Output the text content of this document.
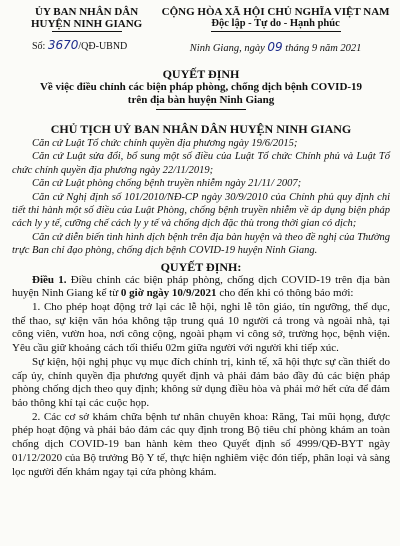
ỦY BAN NHÂN DÂN
HUYỆN NINH GIANG
Số: 3670/QĐ-UBND
CỘNG HÒA XÃ HỘI CHỦ NGHĨA VIỆT NAM
Độc lập - Tự do - Hạnh phúc
Ninh Giang, ngày 09 tháng 9 năm 2021
QUYẾT ĐỊNH
Về việc điều chỉnh các biện pháp phòng, chống dịch bệnh COVID-19
trên địa bàn huyện Ninh Giang
CHỦ TỊCH UỶ BAN NHÂN DÂN HUYỆN NINH GIANG

Căn cứ Luật Tổ chức chính quyền địa phương ngày 19/6/2015;

Căn cứ Luật sửa đổi, bổ sung một số điều của Luật Tổ chức Chính phủ và Luật Tổ chức chính quyền địa phương ngày 22/11/2019;

Căn cứ Luật phòng chống bệnh truyền nhiễm ngày 21/11/ 2007;

Căn cứ Nghị định số 101/2010/NĐ-CP ngày 30/9/2010 của Chính phủ quy định chi tiết thi hành một số điều của Luật Phòng, chống bệnh truyền nhiễm về áp dụng biện pháp cách ly y tế, cưỡng chế cách ly y tế và chống dịch đặc thù trong thời gian có dịch;

Căn cứ diễn biến tình hình dịch bệnh trên địa bàn huyện và theo đề nghị của Thường trực Ban chỉ đạo phòng, chống dịch bệnh COVID-19 huyện Ninh Giang.

QUYẾT ĐỊNH:

Điều 1. Điều chỉnh các biện pháp phòng, chống dịch COVID-19 trên địa bàn huyện Ninh Giang kể từ 0 giờ ngày 10/9/2021 cho đến khi có thông báo mới:

1. Cho phép hoạt động trở lại các lễ hội, nghi lễ tôn giáo, tín ngưỡng, thể dục, thể thao, sự kiện văn hóa không tập trung quá 10 người cả trong và ngoài nhà, tại công viên, vườn hoa, nơi công cộng, ngoài phạm vi công sở, trường học, bệnh viện. Yêu cầu giữ khoảng cách tối thiểu 02m giữa người với người khi tiếp xúc.

Sự kiện, hội nghị phục vụ mục đích chính trị, kinh tế, xã hội thực sự cần thiết do cấp ủy, chính quyền địa phương quyết định và phải đảm bảo đầy đủ các biện pháp phòng chống dịch theo quy định; không sử dụng điều hòa và phải mở hết cửa để đảm bảo thông khí tại các cuộc họp.

2. Các cơ sở khám chữa bệnh tư nhân chuyên khoa: Răng, Tai mũi họng, được phép hoạt động và phải bảo đảm các quy định trong Bộ tiêu chí phòng khám an toàn chống dịch COVID-19 ban hành kèm theo Quyết định số 4999/QĐ-BYT ngày 01/12/2020 của Bộ trưởng Bộ Y tế, thực hiện nghiêm việc đón tiếp, phân loại và sàng lọc người đến khám ngay tại cửa phòng khám.
